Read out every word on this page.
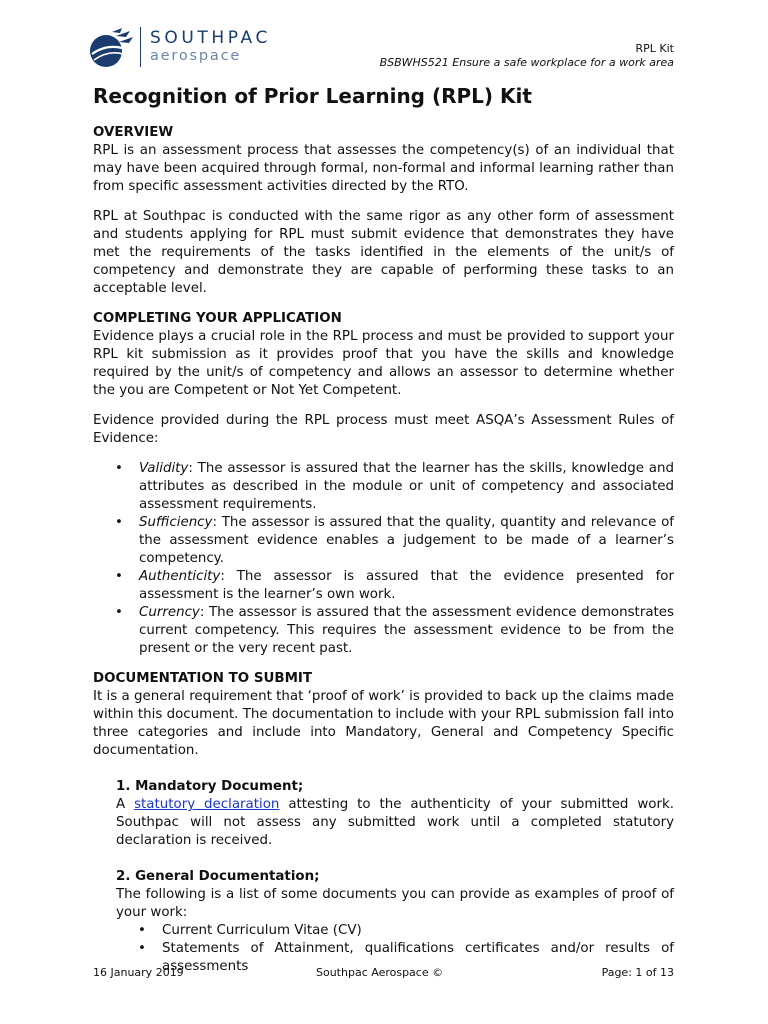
SOUTHPAC
aerospace	RPL Kit
BSBWHS521 Ensure a safe workplace for a work area
Recognition of Prior Learning (RPL) Kit
OVERVIEW

RPL is an assessment process that assesses the competency(s) of an individual that may have been acquired through formal, non-formal and informal learning rather than from specific assessment activities directed by the RTO.

RPL at Southpac is conducted with the same rigor as any other form of assessment and students applying for RPL must submit evidence that demonstrates they have met the requirements of the tasks identified in the elements of the unit/s of competency and demonstrate they are capable of performing these tasks to an acceptable level.

COMPLETING YOUR APPLICATION

Evidence plays a crucial role in the RPL process and must be provided to support your RPL kit submission as it provides proof that you have the skills and knowledge required by the unit/s of competency and allows an assessor to determine whether the you are Competent or Not Yet Competent.

Evidence provided during the RPL process must meet ASQA’s Assessment Rules of Evidence:

• Validity: The assessor is assured that the learner has the skills, knowledge and attributes as described in the module or unit of competency and associated assessment requirements.
• Sufficiency: The assessor is assured that the quality, quantity and relevance of the assessment evidence enables a judgement to be made of a learner’s competency.
• Authenticity: The assessor is assured that the evidence presented for assessment is the learner’s own work.
• Currency: The assessor is assured that the assessment evidence demonstrates current competency. This requires the assessment evidence to be from the present or the very recent past.
DOCUMENTATION TO SUBMIT

It is a general requirement that ‘proof of work’ is provided to back up the claims made within this document. The documentation to include with your RPL submission fall into three categories and include into Mandatory, General and Competency Specific documentation.

1. Mandatory Document;
A statutory declaration attesting to the authenticity of your submitted work. Southpac will not assess any submitted work until a completed statutory declaration is received.
2. General Documentation;
The following is a list of some documents you can provide as examples of proof of your work:
• Current Curriculum Vitae (CV)
• Statements of Attainment, qualifications certificates and/or results of assessments
16 January 2019	Southpac Aerospace ©	Page: 1 of 13
